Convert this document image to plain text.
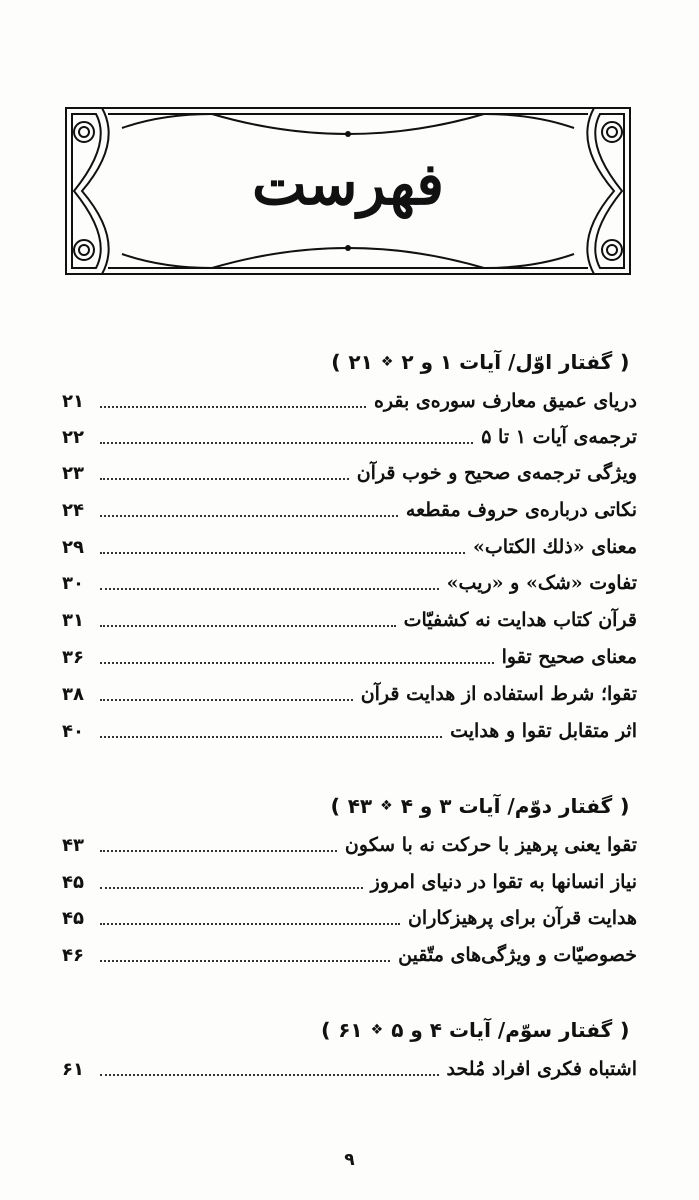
فهرست
❪
گفتار اوّل/ آیات ۱ و ۲
❖
۲۱
❫
دریای عمیق معارف سوره‌ی بقره
۲۱
ترجمه‌ی آیات ۱ تا ۵
۲۲
ویژگی ترجمه‌ی صحیح و خوب قرآن
۲۳
نکاتی درباره‌ی حروف مقطعه
۲۴
معنای «ذلك الكتاب»
۲۹
تفاوت «شک» و «ریب»
۳۰
قرآن کتاب هدایت نه کشفیّات
۳۱
معنای صحیح تقوا
۳۶
تقوا؛ شرط استفاده از هدایت قرآن
۳۸
اثر متقابل تقوا و هدایت
۴۰
❪
گفتار دوّم/ آیات ۳ و ۴
❖
۴۳
❫
تقوا یعنی پرهیز با حرکت نه با سکون
۴۳
نیاز انسانها به تقوا در دنیای امروز
۴۵
هدایت قرآن برای پرهیزکاران
۴۵
خصوصیّات و ویژگی‌های متّقین
۴۶
❪
گفتار سوّم/ آیات ۴ و ۵
❖
۶۱
❫
اشتباه فکری افراد مُلحد
۶۱
۹
